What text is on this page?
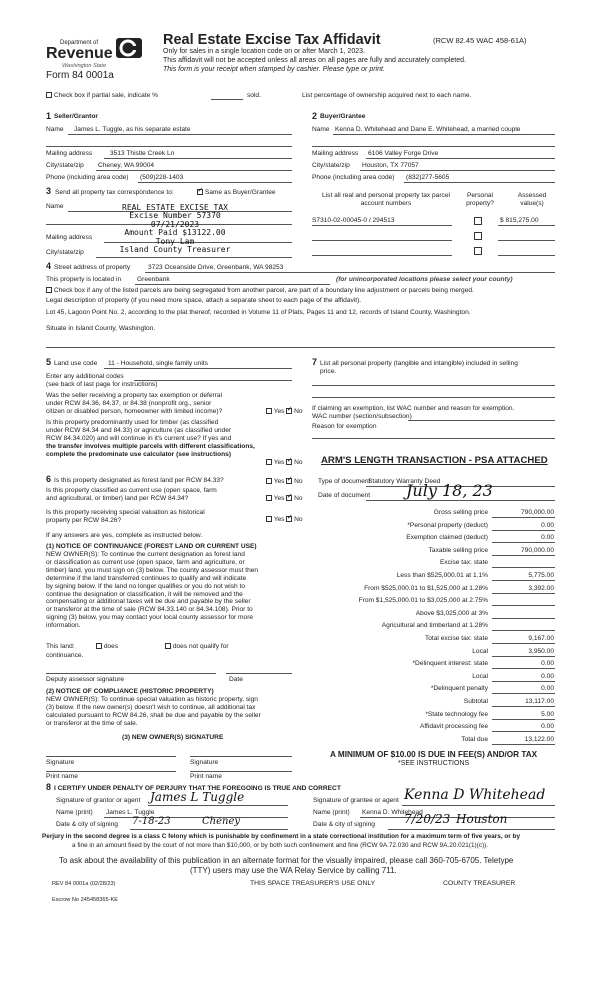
Department of
Revenue
Washington State
Form 84 0001a
Real Estate Excise Tax Affidavit	(RCW 82.45 WAC 458-61A)
Only for sales in a single location code on or after March 1, 2023.
This affidavit will not be accepted unless all areas on all pages are fully and accurately completed.
This form is your receipt when stamped by cashier. Please type or print.
Check box if partial sale, indicate %	sold.	List percentage of ownership acquired next to each name.
1 Seller/Grantor
Name James L. Tuggle, as his separate estate
Mailing address	3513 Thistle Creek Ln
City/state/zip Cheney, WA 99004
Phone (including area code) (509)228-1403
2 Buyer/Grantee
Name Kenna D. Whitehead and Dane E. Whitehead, a married couple
Mailing address 6106 Valley Forge Drive
City/state/zip Houston, TX 77057
Phone (including area code) (832)277-5605
3 Send all property tax correspondence to: ✓	Same as Buyer/Grantee
Name
Mailing address
City/state/zip
REAL ESTATE EXCISE TAX
Excise Number 57370
07/21/2023
Amount Paid $13122.00
Tony Lam
Island County Treasurer
List all real and personal property tax parcel account numbers
Personal property?
Assessed value(s)
S7310-02-00045-0 / 294513	$ 815,275.00
4 Street address of property	3723 Oceanside Drive, Greenbank, WA 98253
This property is located in Greenbank	(for unincorporated locations please select your county)
Check box if any of the listed parcels are being segregated from another parcel, are part of a boundary line adjustment or parcels being merged.
Legal description of property (if you need more space, attach a separate sheet to each page of the affidavit).
Lot 45, Lagoon Point No. 2, according to the plat thereof, recorded in Volume 11 of Plats, Pages 11 and 12, records of Island County, Washington.
Situate in Island County, Washington.
5 Land use code 11 - Household, single family units
Enter any additional codes
(see back of last page for instructions)
Was the seller receiving a property tax exemption or deferral
under RCW 84.36, 84.37, or 84.38 (nonprofit org., senior
citizen or disabled person, homeowner with limited income)?	Yes ✓ No
Is this property predominantly used for timber (as classified
under RCW 84.34 and 84.33) or agriculture (as classified under
RCW 84.34.020) and will continue in it's current use? If yes and
the transfer involves multiple parcels with different classifications,
complete the predominate use calculator (see instructions)
Yes ✓ No
6 Is this property designated as forest land per RCW 84.33?	Yes ✓ No
Is this property classified as current use (open space, farm
and agricultural, or timber) land per RCW 84.34?	Yes ✓ No
Is this property receiving special valuation as historical
property per RCW 84.26?	Yes ✓ No
If any answers are yes, complete as instructed below.
(1) NOTICE OF CONTINUANCE (FOREST LAND OR CURRENT USE)
NEW OWNER(S): To continue the current designation as forest land
or classification as current use (open space, farm and agriculture, or
timber) land, you must sign on (3) below. The county assessor must then
determine if the land transferred continues to qualify and will indicate
by signing below. If the land no longer qualifies or you do not wish to
continue the designation or classification, it will be removed and the
compensating or additional taxes will be due and payable by the seller
or transferor at the time of sale (RCW 84.33.140 or 84.34.108). Prior to
signing (3) below, you may contact your local county assessor for more
information.
This land:	does	does not qualify for
continuance.
Deputy assessor signature	Date
(2) NOTICE OF COMPLIANCE (HISTORIC PROPERTY)
NEW OWNER(S): To continue special valuation as historic property, sign
(3) below. If the new owner(s) doesn't wish to continue, all additional tax
calculated pursuant to RCW 84.26, shall be due and payable by the seller
or transferor at the time of sale.
(3) NEW OWNER(S) SIGNATURE
Signature	Signature
Print name	Print name
7 List all personal property (tangible and intangible) included in selling
price.
If claiming an exemption, list WAC number and reason for exemption.
WAC number (section/subsection)
Reason for exemption
ARM'S LENGTH TRANSACTION - PSA ATTACHED
Type of document
Statutory Warranty Deed
Date of document July 18, 23
Gross selling price	790,000.00
*Personal property (deduct)	0.00
Exemption claimed (deduct)	0.00
Taxable selling price	790,000.00
Excise tax: state
Less than $525,000.01 at 1.1%	5,775.00
From $525,000.01 to $1,525,000 at 1.28%	3,392.00
From $1,525,000.01 to $3,025,000 at 2.75%
Above $3,025,000 at 3%
Agricultural and timberland at 1.28%
Total excise tax: state	9,167.00
Local	3,950.00
*Delinquent interest: state	0.00
Local	0.00
*Delinquent penalty	0.00
Subtotal	13,117.00
*State technology fee	5.00
Affidavit processing fee	0.00
Total due	13,122.00
A MINIMUM OF $10.00 IS DUE IN FEE(S) AND/OR TAX
*SEE INSTRUCTIONS
8 I CERTIFY UNDER PENALTY OF PERJURY THAT THE FOREGOING IS TRUE AND CORRECT
Signature of grantor or agent James L Tuggle
Name (print) James L. Tuggle
Date & city of signing 7-18-23	Cheney
Signature of grantee or agent Kenna D Whitehead
Name (print) Kenna D. Whitehead
Date & city of signing 7/20/23 Houston
Perjury in the second degree is a class C felony which is punishable by confinement in a state correctional institution for a maximum term of five years, or by
a fine in an amount fixed by the court of not more than $10,000, or by both such confinement and fine (RCW 9A.72.030 and RCW 9A.20.021(1)(c)).
To ask about the availability of this publication in an alternate format for the visually impaired, please call 360-705-6705. Teletype
(TTY) users may use the WA Relay Service by calling 711.
REV 84 0001a (02/28/23)	THIS SPACE TREASURER'S USE ONLY	COUNTY TREASURER
Escrow No 245458365-KE
